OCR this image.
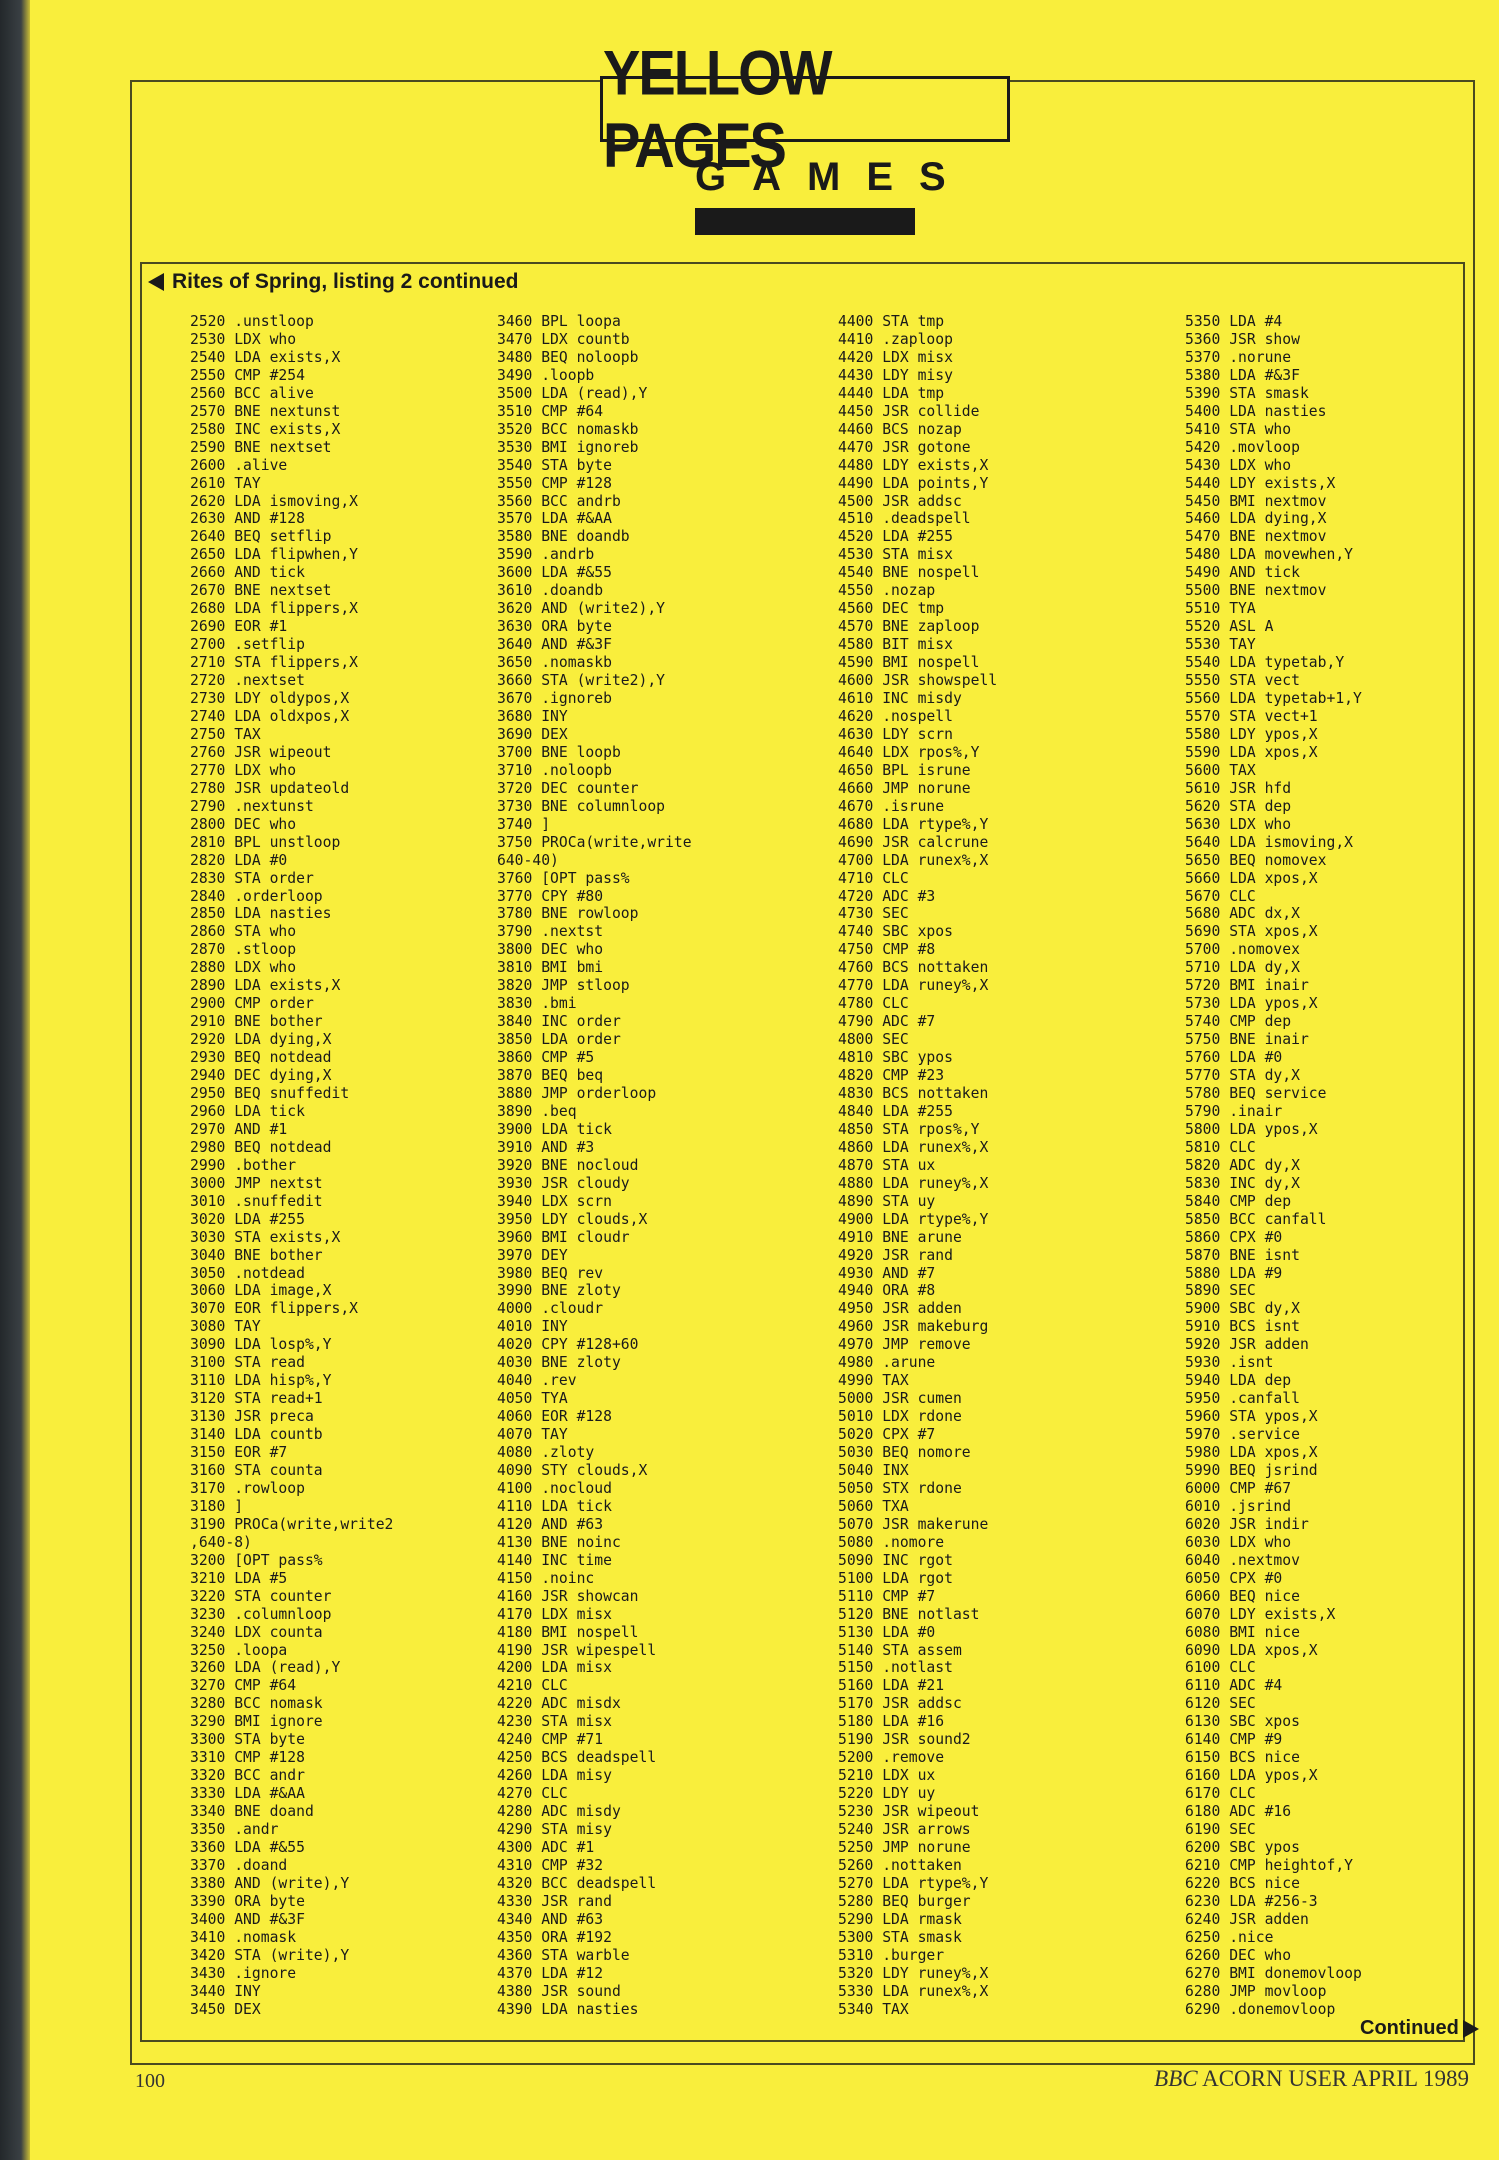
YELLOW PAGES
GAMES
Rites of Spring, listing 2 continued
2520 .unstloop
2530 LDX who
2540 LDA exists,X
2550 CMP #254
2560 BCC alive
2570 BNE nextunst
2580 INC exists,X
2590 BNE nextset
2600 .alive
2610 TAY
2620 LDA ismoving,X
2630 AND #128
2640 BEQ setflip
2650 LDA flipwhen,Y
2660 AND tick
2670 BNE nextset
2680 LDA flippers,X
2690 EOR #1
2700 .setflip
2710 STA flippers,X
2720 .nextset
2730 LDY oldypos,X
2740 LDA oldxpos,X
2750 TAX
2760 JSR wipeout
2770 LDX who
2780 JSR updateold
2790 .nextunst
2800 DEC who
2810 BPL unstloop
2820 LDA #0
2830 STA order
2840 .orderloop
2850 LDA nasties
2860 STA who
2870 .stloop
2880 LDX who
2890 LDA exists,X
2900 CMP order
2910 BNE bother
2920 LDA dying,X
2930 BEQ notdead
2940 DEC dying,X
2950 BEQ snuffedit
2960 LDA tick
2970 AND #1
2980 BEQ notdead
2990 .bother
3000 JMP nextst
3010 .snuffedit
3020 LDA #255
3030 STA exists,X
3040 BNE bother
3050 .notdead
3060 LDA image,X
3070 EOR flippers,X
3080 TAY
3090 LDA losp%,Y
3100 STA read
3110 LDA hisp%,Y
3120 STA read+1
3130 JSR preca
3140 LDA countb
3150 EOR #7
3160 STA counta
3170 .rowloop
3180 ]
3190 PROCa(write,write2
,640-8)
3200 [OPT pass%
3210 LDA #5
3220 STA counter
3230 .columnloop
3240 LDX counta
3250 .loopa
3260 LDA (read),Y
3270 CMP #64
3280 BCC nomask
3290 BMI ignore
3300 STA byte
3310 CMP #128
3320 BCC andr
3330 LDA #&AA
3340 BNE doand
3350 .andr
3360 LDA #&55
3370 .doand
3380 AND (write),Y
3390 ORA byte
3400 AND #&3F
3410 .nomask
3420 STA (write),Y
3430 .ignore
3440 INY
3450 DEX
3460 BPL loopa
3470 LDX countb
3480 BEQ noloopb
3490 .loopb
3500 LDA (read),Y
3510 CMP #64
3520 BCC nomaskb
3530 BMI ignoreb
3540 STA byte
3550 CMP #128
3560 BCC andrb
3570 LDA #&AA
3580 BNE doandb
3590 .andrb
3600 LDA #&55
3610 .doandb
3620 AND (write2),Y
3630 ORA byte
3640 AND #&3F
3650 .nomaskb
3660 STA (write2),Y
3670 .ignoreb
3680 INY
3690 DEX
3700 BNE loopb
3710 .noloopb
3720 DEC counter
3730 BNE columnloop
3740 ]
3750 PROCa(write,write
640-40)
3760 [OPT pass%
3770 CPY #80
3780 BNE rowloop
3790 .nextst
3800 DEC who
3810 BMI bmi
3820 JMP stloop
3830 .bmi
3840 INC order
3850 LDA order
3860 CMP #5
3870 BEQ beq
3880 JMP orderloop
3890 .beq
3900 LDA tick
3910 AND #3
3920 BNE nocloud
3930 JSR cloudy
3940 LDX scrn
3950 LDY clouds,X
3960 BMI cloudr
3970 DEY
3980 BEQ rev
3990 BNE zloty
4000 .cloudr
4010 INY
4020 CPY #128+60
4030 BNE zloty
4040 .rev
4050 TYA
4060 EOR #128
4070 TAY
4080 .zloty
4090 STY clouds,X
4100 .nocloud
4110 LDA tick
4120 AND #63
4130 BNE noinc
4140 INC time
4150 .noinc
4160 JSR showcan
4170 LDX misx
4180 BMI nospell
4190 JSR wipespell
4200 LDA misx
4210 CLC
4220 ADC misdx
4230 STA misx
4240 CMP #71
4250 BCS deadspell
4260 LDA misy
4270 CLC
4280 ADC misdy
4290 STA misy
4300 ADC #1
4310 CMP #32
4320 BCC deadspell
4330 JSR rand
4340 AND #63
4350 ORA #192
4360 STA warble
4370 LDA #12
4380 JSR sound
4390 LDA nasties
4400 STA tmp
4410 .zaploop
4420 LDX misx
4430 LDY misy
4440 LDA tmp
4450 JSR collide
4460 BCS nozap
4470 JSR gotone
4480 LDY exists,X
4490 LDA points,Y
4500 JSR addsc
4510 .deadspell
4520 LDA #255
4530 STA misx
4540 BNE nospell
4550 .nozap
4560 DEC tmp
4570 BNE zaploop
4580 BIT misx
4590 BMI nospell
4600 JSR showspell
4610 INC misdy
4620 .nospell
4630 LDY scrn
4640 LDX rpos%,Y
4650 BPL isrune
4660 JMP norune
4670 .isrune
4680 LDA rtype%,Y
4690 JSR calcrune
4700 LDA runex%,X
4710 CLC
4720 ADC #3
4730 SEC
4740 SBC xpos
4750 CMP #8
4760 BCS nottaken
4770 LDA runey%,X
4780 CLC
4790 ADC #7
4800 SEC
4810 SBC ypos
4820 CMP #23
4830 BCS nottaken
4840 LDA #255
4850 STA rpos%,Y
4860 LDA runex%,X
4870 STA ux
4880 LDA runey%,X
4890 STA uy
4900 LDA rtype%,Y
4910 BNE arune
4920 JSR rand
4930 AND #7
4940 ORA #8
4950 JSR adden
4960 JSR makeburg
4970 JMP remove
4980 .arune
4990 TAX
5000 JSR cumen
5010 LDX rdone
5020 CPX #7
5030 BEQ nomore
5040 INX
5050 STX rdone
5060 TXA
5070 JSR makerune
5080 .nomore
5090 INC rgot
5100 LDA rgot
5110 CMP #7
5120 BNE notlast
5130 LDA #0
5140 STA assem
5150 .notlast
5160 LDA #21
5170 JSR addsc
5180 LDA #16
5190 JSR sound2
5200 .remove
5210 LDX ux
5220 LDY uy
5230 JSR wipeout
5240 JSR arrows
5250 JMP norune
5260 .nottaken
5270 LDA rtype%,Y
5280 BEQ burger
5290 LDA rmask
5300 STA smask
5310 .burger
5320 LDY runey%,X
5330 LDA runex%,X
5340 TAX
5350 LDA #4
5360 JSR show
5370 .norune
5380 LDA #&3F
5390 STA smask
5400 LDA nasties
5410 STA who
5420 .movloop
5430 LDX who
5440 LDY exists,X
5450 BMI nextmov
5460 LDA dying,X
5470 BNE nextmov
5480 LDA movewhen,Y
5490 AND tick
5500 BNE nextmov
5510 TYA
5520 ASL A
5530 TAY
5540 LDA typetab,Y
5550 STA vect
5560 LDA typetab+1,Y
5570 STA vect+1
5580 LDY ypos,X
5590 LDA xpos,X
5600 TAX
5610 JSR hfd
5620 STA dep
5630 LDX who
5640 LDA ismoving,X
5650 BEQ nomovex
5660 LDA xpos,X
5670 CLC
5680 ADC dx,X
5690 STA xpos,X
5700 .nomovex
5710 LDA dy,X
5720 BMI inair
5730 LDA ypos,X
5740 CMP dep
5750 BNE inair
5760 LDA #0
5770 STA dy,X
5780 BEQ service
5790 .inair
5800 LDA ypos,X
5810 CLC
5820 ADC dy,X
5830 INC dy,X
5840 CMP dep
5850 BCC canfall
5860 CPX #0
5870 BNE isnt
5880 LDA #9
5890 SEC
5900 SBC dy,X
5910 BCS isnt
5920 JSR adden
5930 .isnt
5940 LDA dep
5950 .canfall
5960 STA ypos,X
5970 .service
5980 LDA xpos,X
5990 BEQ jsrind
6000 CMP #67
6010 .jsrind
6020 JSR indir
6030 LDX who
6040 .nextmov
6050 CPX #0
6060 BEQ nice
6070 LDY exists,X
6080 BMI nice
6090 LDA xpos,X
6100 CLC
6110 ADC #4
6120 SEC
6130 SBC xpos
6140 CMP #9
6150 BCS nice
6160 LDA ypos,X
6170 CLC
6180 ADC #16
6190 SEC
6200 SBC ypos
6210 CMP heightof,Y
6220 BCS nice
6230 LDA #256-3
6240 JSR adden
6250 .nice
6260 DEC who
6270 BMI donemovloop
6280 JMP movloop
6290 .donemovloop
Continued
100	BBC ACORN USER APRIL 1989
